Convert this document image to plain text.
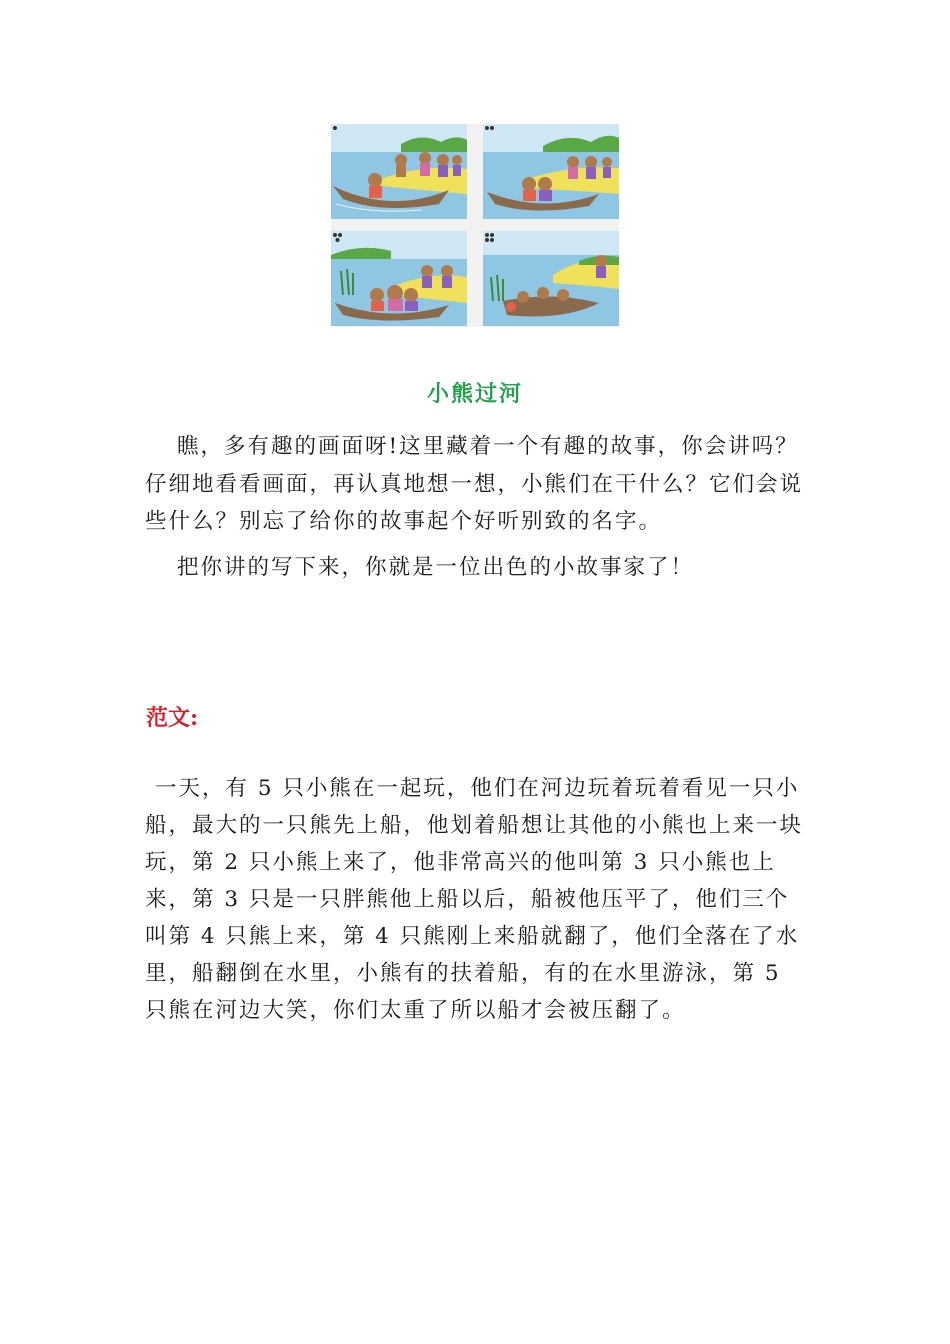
小熊过河

瞧，多有趣的画面呀!这里藏着一个有趣的故事，你会讲吗？仔细地看看画面，再认真地想一想，小熊们在干什么？它们会说些什么？别忘了给你的故事起个好听别致的名字。

把你讲的写下来，你就是一位出色的小故事家了！

范文:

一天，有 5 只小熊在一起玩，他们在河边玩着玩着看见一只小船，最大的一只熊先上船，他划着船想让其他的小熊也上来一块玩，第 2 只小熊上来了，他非常高兴的他叫第 3 只小熊也上来，第 3 只是一只胖熊他上船以后，船被他压平了，他们三个叫第 4 只熊上来，第 4 只熊刚上来船就翻了，他们全落在了水里，船翻倒在水里，小熊有的扶着船，有的在水里游泳，第 5 只熊在河边大笑，你们太重了所以船才会被压翻了。
